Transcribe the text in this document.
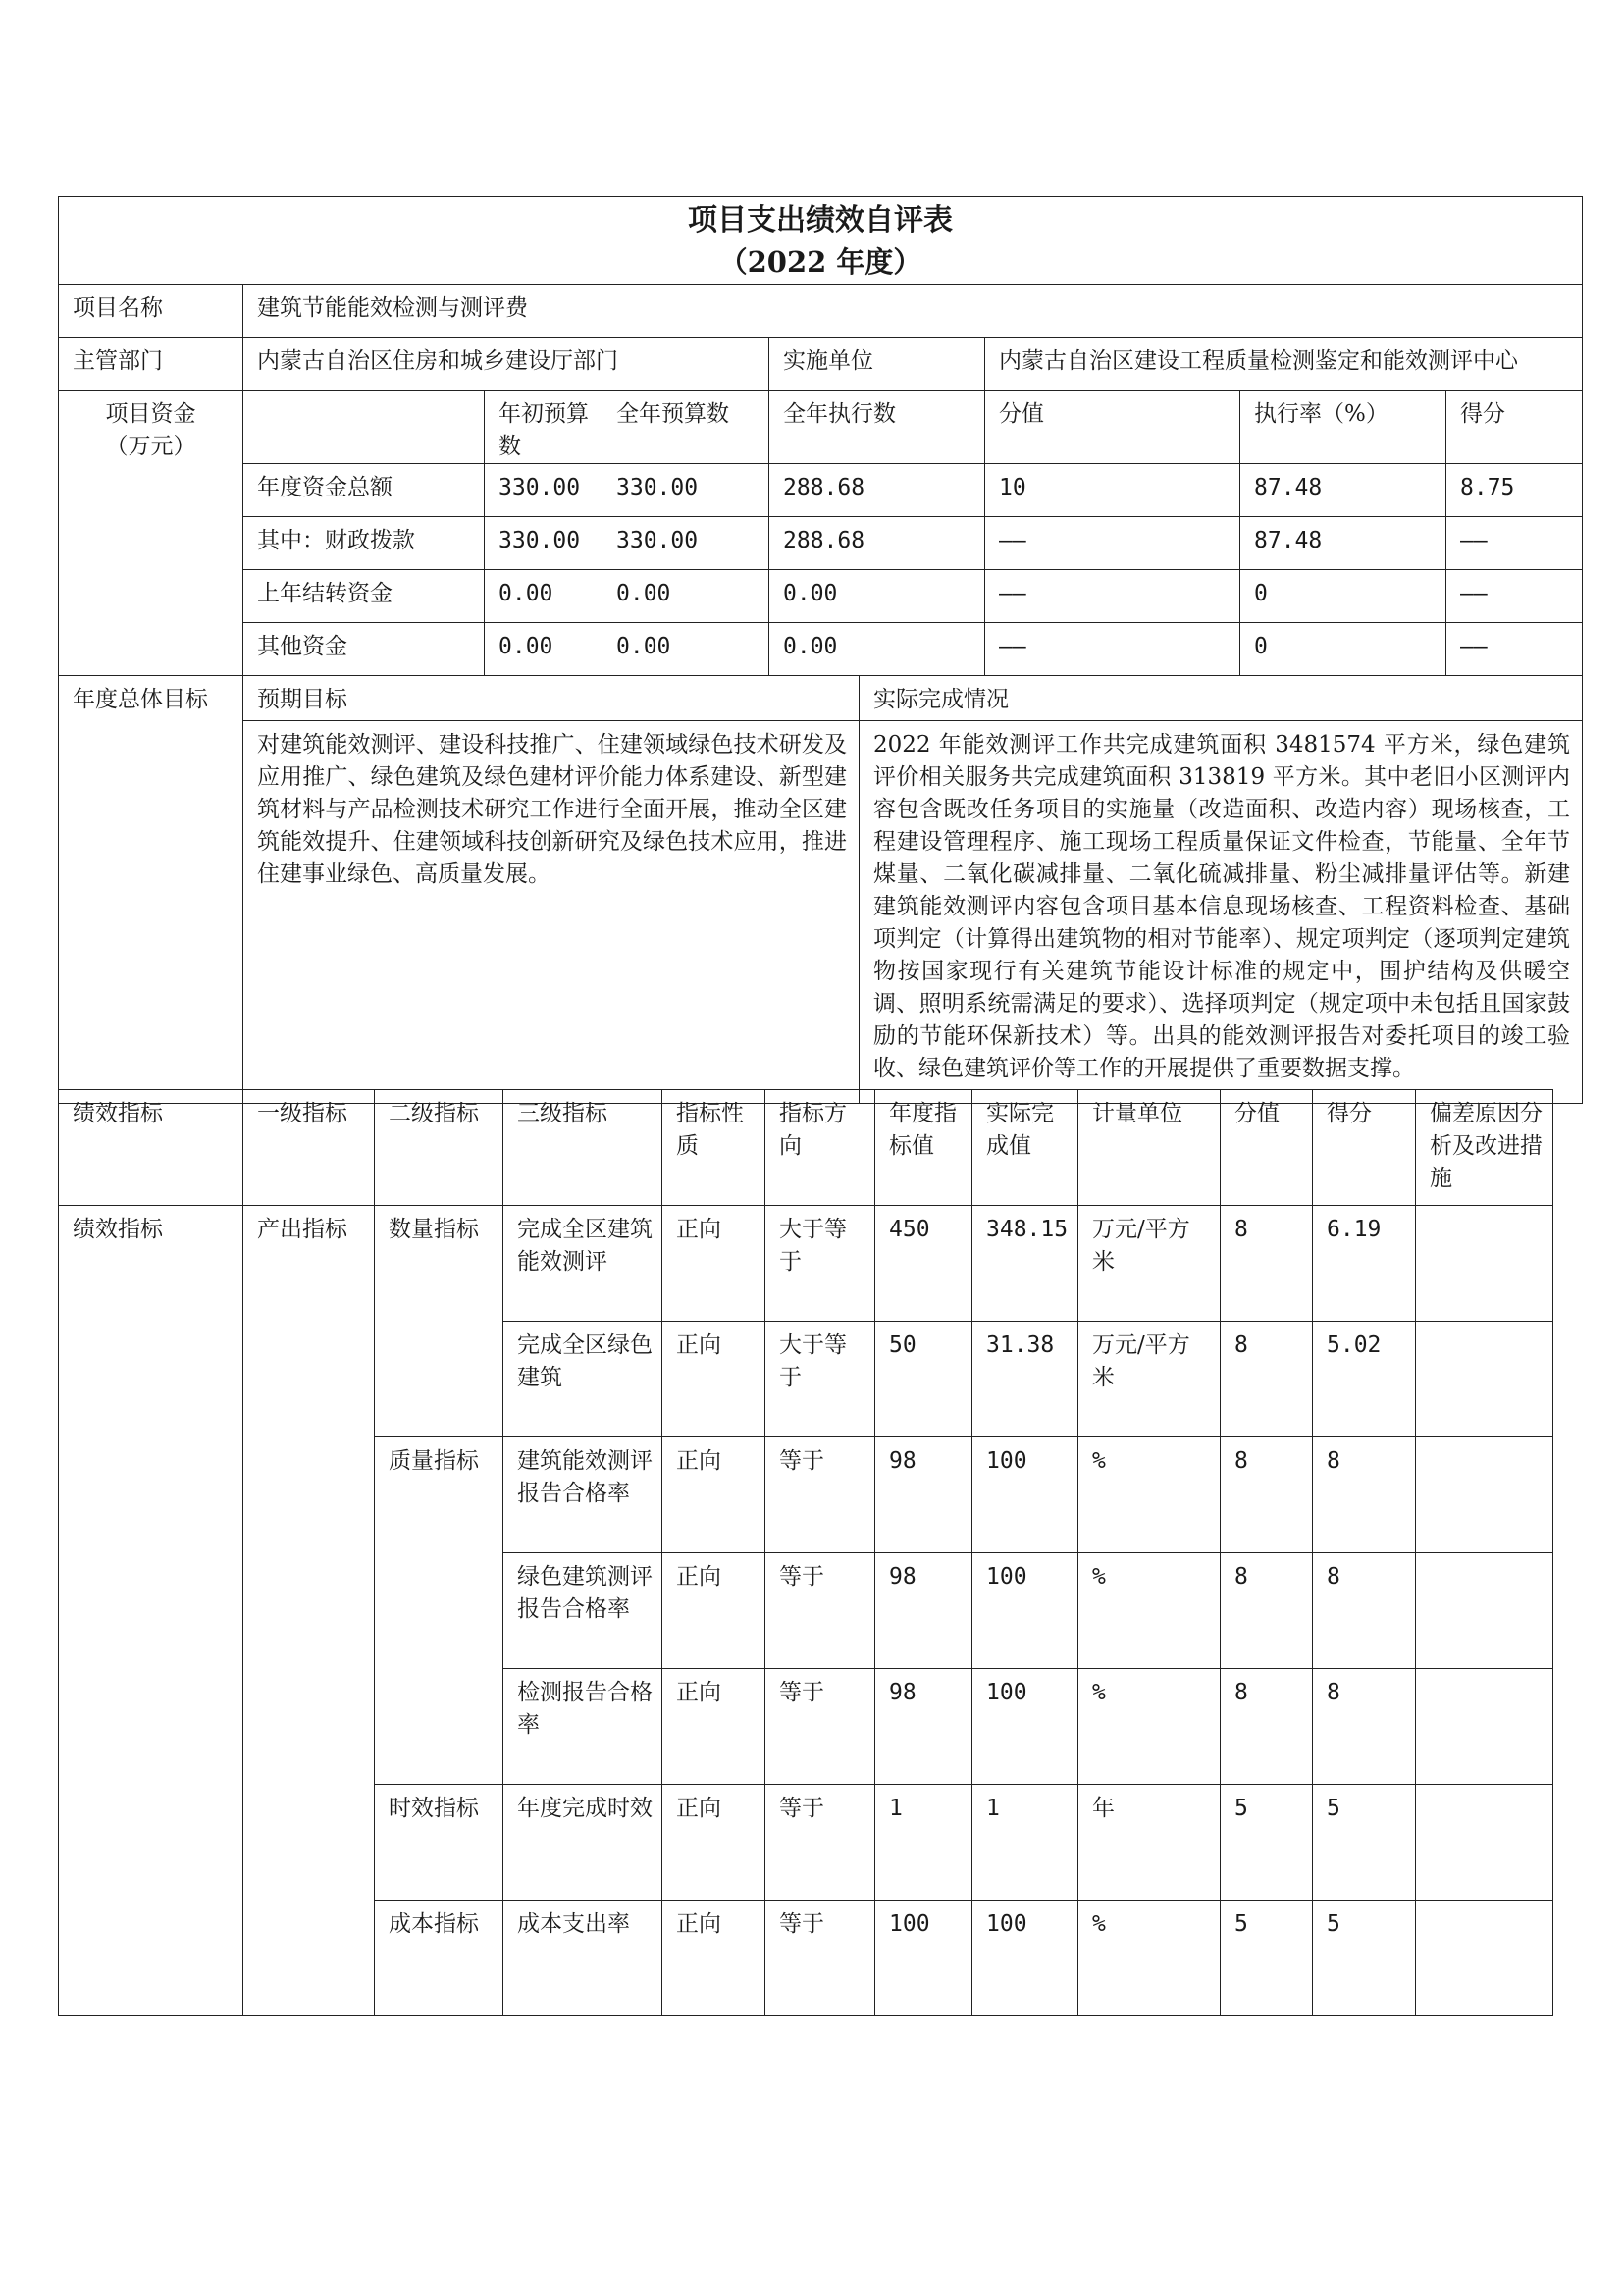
项目支出绩效自评表
（2022 年度）								

项目名称	建筑节能能效检测与测评费							
主管部门	内蒙古自治区住房和城乡建设厅部门			实施单位		内蒙古自治区建设工程质量检测鉴定和能效测评中心		
项目资金
（万元）		年初预算数	全年预算数	全年执行数		分值	执行率（%）	得分
	年度资金总额	330.00	330.00	288.68		10	87.48	8.75
	其中：财政拨款	330.00	330.00	288.68		——	87.48	——
	上年结转资金	0.00	0.00	0.00		——	0	——
	其他资金	0.00	0.00	0.00		——	0	——
年度总体目标	预期目标				实际完成情况			
	对建筑能效测评、建设科技推广、住建领域绿色技术研发及应用推广、绿色建筑及绿色建材评价能力体系建设、新型建筑材料与产品检测技术研究工作进行全面开展，推动全区建筑能效提升、住建领域科技创新研究及绿色技术应用，推进住建事业绿色、高质量发展。				2022 年能效测评工作共完成建筑面积 3481574 平方米，绿色建筑评价相关服务共完成建筑面积 313819 平方米。其中老旧小区测评内容包含既改任务项目的实施量（改造面积、改造内容）现场核查，工程建设管理程序、施工现场工程质量保证文件检查，节能量、全年节煤量、二氧化碳减排量、二氧化硫减排量、粉尘减排量评估等。新建建筑能效测评内容包含项目基本信息现场核查、工程资料检查、基础项判定（计算得出建筑物的相对节能率）、规定项判定（逐项判定建筑物按国家现行有关建筑节能设计标准的规定中，围护结构及供暖空调、照明系统需满足的要求）、选择项判定（规定项中未包括且国家鼓励的节能环保新技术）等。出具的能效测评报告对委托项目的竣工验收、绿色建筑评价等工作的开展提供了重要数据支撑。			
绩效指标	一级指标	二级指标	三级指标	指标性质	指标方向	年度指标值	实际完成值	计量单位	分值	得分	偏差原因分析及改进措施
绩效指标	产出指标	数量指标	完成全区建筑能效测评	正向	大于等于	450	348.15	万元/平方米	8	6.19	
			完成全区绿色建筑	正向	大于等于	50	31.38	万元/平方米	8	5.02	
		质量指标	建筑能效测评报告合格率	正向	等于	98	100	%	8	8	
			绿色建筑测评报告合格率	正向	等于	98	100	%	8	8	
			检测报告合格率	正向	等于	98	100	%	8	8	
		时效指标	年度完成时效	正向	等于	1	1	年	5	5	
		成本指标	成本支出率	正向	等于	100	100	%	5	5	
